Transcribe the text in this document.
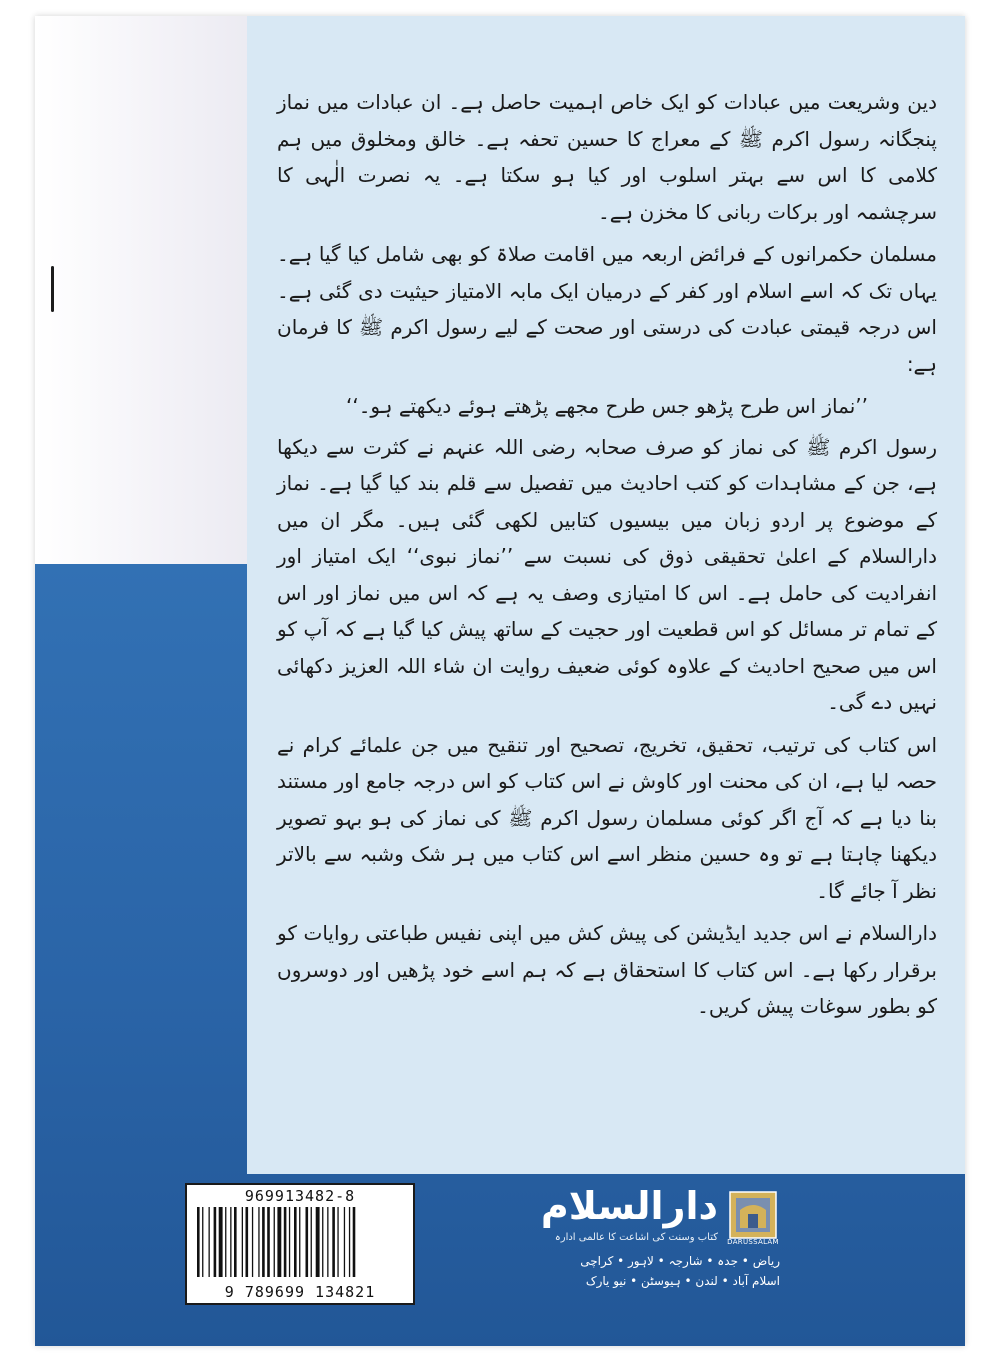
دین وشریعت میں عبادات کو ایک خاص اہمیت حاصل ہے۔ ان عبادات میں نماز پنجگانہ رسول اکرم ﷺ کے معراج کا حسین تحفہ ہے۔ خالق ومخلوق میں ہم کلامی کا اس سے بہتر اسلوب اور کیا ہو سکتا ہے۔ یہ نصرت الٰہی کا سرچشمہ اور برکات ربانی کا مخزن ہے۔

مسلمان حکمرانوں کے فرائض اربعہ میں اقامت صلاۃ کو بھی شامل کیا گیا ہے۔ یہاں تک کہ اسے اسلام اور کفر کے درمیان ایک مابہ الامتیاز حیثیت دی گئی ہے۔ اس درجہ قیمتی عبادت کی درستی اور صحت کے لیے رسول اکرم ﷺ کا فرمان ہے:

’’نماز اس طرح پڑھو جس طرح مجھے پڑھتے ہوئے دیکھتے ہو۔‘‘

رسول اکرم ﷺ کی نماز کو صرف صحابہ رضی اللہ عنہم نے کثرت سے دیکھا ہے، جن کے مشاہدات کو کتب احادیث میں تفصیل سے قلم بند کیا گیا ہے۔ نماز کے موضوع پر اردو زبان میں بیسیوں کتابیں لکھی گئی ہیں۔ مگر ان میں دارالسلام کے اعلیٰ تحقیقی ذوق کی نسبت سے ’’نماز نبوی‘‘ ایک امتیاز اور انفرادیت کی حامل ہے۔ اس کا امتیازی وصف یہ ہے کہ اس میں نماز اور اس کے تمام تر مسائل کو اس قطعیت اور حجیت کے ساتھ پیش کیا گیا ہے کہ آپ کو اس میں صحیح احادیث کے علاوہ کوئی ضعیف روایت ان شاء اللہ العزیز دکھائی نہیں دے گی۔

اس کتاب کی ترتیب، تحقیق، تخریج، تصحیح اور تنقیح میں جن علمائے کرام نے حصہ لیا ہے، ان کی محنت اور کاوش نے اس کتاب کو اس درجہ جامع اور مستند بنا دیا ہے کہ آج اگر کوئی مسلمان رسول اکرم ﷺ کی نماز کی ہو بہو تصویر دیکھنا چاہتا ہے تو وہ حسین منظر اسے اس کتاب میں ہر شک وشبہ سے بالاتر نظر آ جائے گا۔

دارالسلام نے اس جدید ایڈیشن کی پیش کش میں اپنی نفیس طباعتی روایات کو برقرار رکھا ہے۔ اس کتاب کا استحقاق ہے کہ ہم اسے خود پڑھیں اور دوسروں کو بطور سوغات پیش کریں۔

969913482-8
9 789699 134821
دارالسلام
کتاب وسنت کی اشاعت کا عالمی ادارہ	DARUSSALAM
ریاض • جدہ • شارجہ • لاہور • کراچی
اسلام آباد • لندن • ہیوسٹن • نیو یارک
